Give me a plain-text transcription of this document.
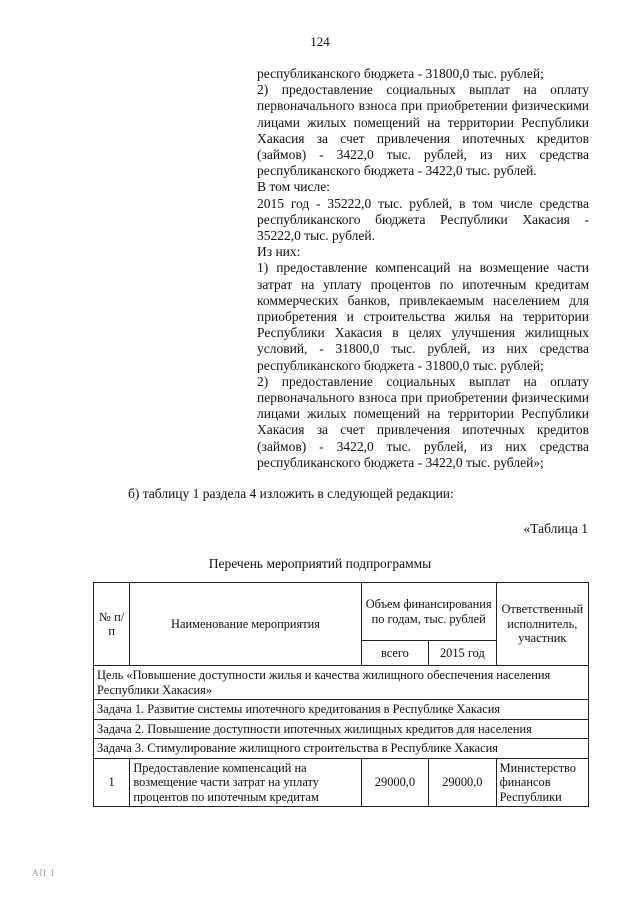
124

республиканского бюджета - 31800,0 тыс. рублей;

2) предоставление социальных выплат на оплату первоначального взноса при приобретении физическими лицами жилых помещений на территории Республики Хакасия за счет привлечения ипотечных кредитов (займов) - 3422,0 тыс. рублей, из них средства республиканского бюджета - 3422,0 тыс. рублей.

В том числе:

2015 год - 35222,0 тыс. рублей, в том числе средства республиканского бюджета Республики Хакасия - 35222,0 тыс. рублей.

Из них:

1) предоставление компенсаций на возмещение части затрат на уплату процентов по ипотечным кредитам коммерческих банков, привлекаемым населением для приобретения и строительства жилья на территории Республики Хакасия в целях улучшения жилищных условий, - 31800,0 тыс. рублей, из них средства республиканского бюджета - 31800,0 тыс. рублей;

2) предоставление социальных выплат на оплату первоначального взноса при приобретении физическими лицами жилых помещений на территории Республики Хакасия за счет привлечения ипотечных кредитов (займов) - 3422,0 тыс. рублей, из них средства республиканского бюджета - 3422,0 тыс. рублей»;

б) таблицу 1 раздела 4 изложить в следующей редакции:
«Таблица 1
Перечень мероприятий подпрограммы
№ п/п	Наименование мероприятия	Объем финансирования по годам, тыс. рублей		Ответственный исполнитель, участник
		всего	2015 год	
Цель «Повышение доступности жилья и качества жилищного обеспечения населения Республики Хакасия»				
Задача 1. Развитие системы ипотечного кредитования в Республике Хакасия				
Задача 2. Повышение доступности ипотечных жилищных кредитов для населения				
Задача 3. Стимулирование жилищного строительства в Республике Хакасия				
1	Предоставление компенсаций на возмещение части затрат на уплату процентов по ипотечным кредитам	29000,0	29000,0	Министерство финансов Республики
АП 1
